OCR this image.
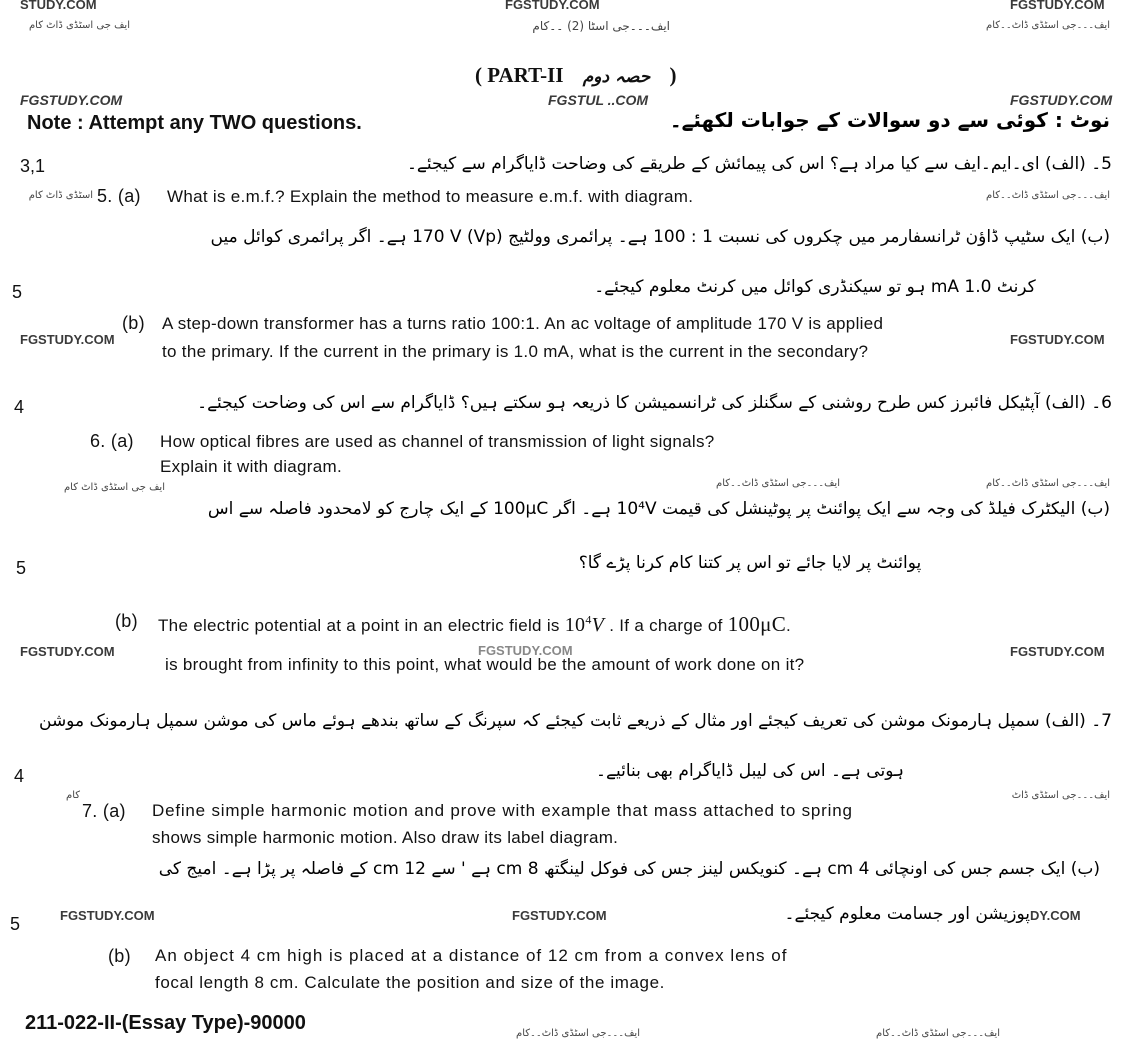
STUDY.COM	FGSTUDY.COM	FGSTUDY.COM
ایف جی اسٹڈی ڈاٹ کام	ایف۔۔۔جی اسٹا (2) ۔۔کام	ایف۔۔۔جی اسٹڈی ڈاٹ۔۔کام
( PART-II حصہ دوم )
FGSTUDY.COM	FGSTUL ..COM	FGSTUDY.COM
Note : Attempt any TWO questions.	نوٹ : کوئی سے دو سوالات کے جوابات لکھئے۔
3,1	5۔ (الف) ای۔ایم۔ایف سے کیا مراد ہے؟ اس کی پیمائش کے طریقے کی وضاحت ڈایاگرام سے کیجئے۔
اسٹڈی ڈاٹ کام 5. (a) What is e.m.f.? Explain the method to measure e.m.f. with diagram.	ایف۔۔۔جی اسٹڈی ڈاٹ۔۔کام
(ب) ایک سٹیپ ڈاؤن ٹرانسفارمر میں چکروں کی نسبت 1 : 100 ہے۔ پرائمری وولٹیج (Vp) 170 V ہے۔ اگر پرائمری کوائل میں
5	کرنٹ 1.0 mA ہو تو سیکنڈری کوائل میں کرنٹ معلوم کیجئے۔
(b) A step-down transformer has a turns ratio 100:1. An ac voltage of amplitude 170 V is applied
FGSTUDY.COM
to the primary. If the current in the primary is 1.0 mA, what is the current in the secondary?
FGSTUDY.COM
4	6۔ (الف) آپٹیکل فائبرز کس طرح روشنی کے سگنلز کی ٹرانسمیشن کا ذریعہ ہو سکتے ہیں؟ ڈایاگرام سے اس کی وضاحت کیجئے۔
6. (a) How optical fibres are used as channel of transmission of light signals?
Explain it with diagram.
ایف جی اسٹڈی ڈاٹ کام	ایف۔۔۔جی اسٹڈی ڈاٹ۔۔کام	ایف۔۔۔جی اسٹڈی ڈاٹ۔۔کام
(ب) الیکٹرک فیلڈ کی وجہ سے ایک پوائنٹ پر پوٹینشل کی قیمت 10⁴V ہے۔ اگر 100μC کے ایک چارج کو لامحدود فاصلہ سے اس
5	پوائنٹ پر لایا جائے تو اس پر کتنا کام کرنا پڑے گا؟
(b) The electric potential at a point in an electric field is $10^4V$ . If a charge of 100μC.
FGSTUDY.COM	FGSTUDY.COM	FGSTUDY.COM
is brought from infinity to this point, what would be the amount of work done on it?
7۔ (الف) سمپل ہارمونک موشن کی تعریف کیجئے اور مثال کے ذریعے ثابت کیجئے کہ سپرنگ کے ساتھ بندھے ہوئے ماس کی موشن سمپل ہارمونک موشن
4	ہوتی ہے۔ اس کی لیبل ڈایاگرام بھی بنائیے۔
کام	ایف۔۔۔جی اسٹڈی ڈاٹ
7. (a) Define simple harmonic motion and prove with example that mass attached to spring
shows simple harmonic motion. Also draw its label diagram.
(ب) ایک جسم جس کی اونچائی 4 cm ہے۔ کنویکس لینز جس کی فوکل لینگتھ 8 cm ہے ' سے 12 cm کے فاصلہ پر پڑا ہے۔ امیج کی
5	FGSTUDY.COM	FGSTUDY.COM	پوزیشن اور جسامت معلوم کیجئے۔ DY.COM
(b) An object 4 cm high is placed at a distance of 12 cm from a convex lens of
focal length 8 cm. Calculate the position and size of the image.
211-022-II-(Essay Type)-90000	ایف۔۔۔جی اسٹڈی ڈاٹ۔۔کام	ایف۔۔۔جی اسٹڈی ڈاٹ۔۔کام
